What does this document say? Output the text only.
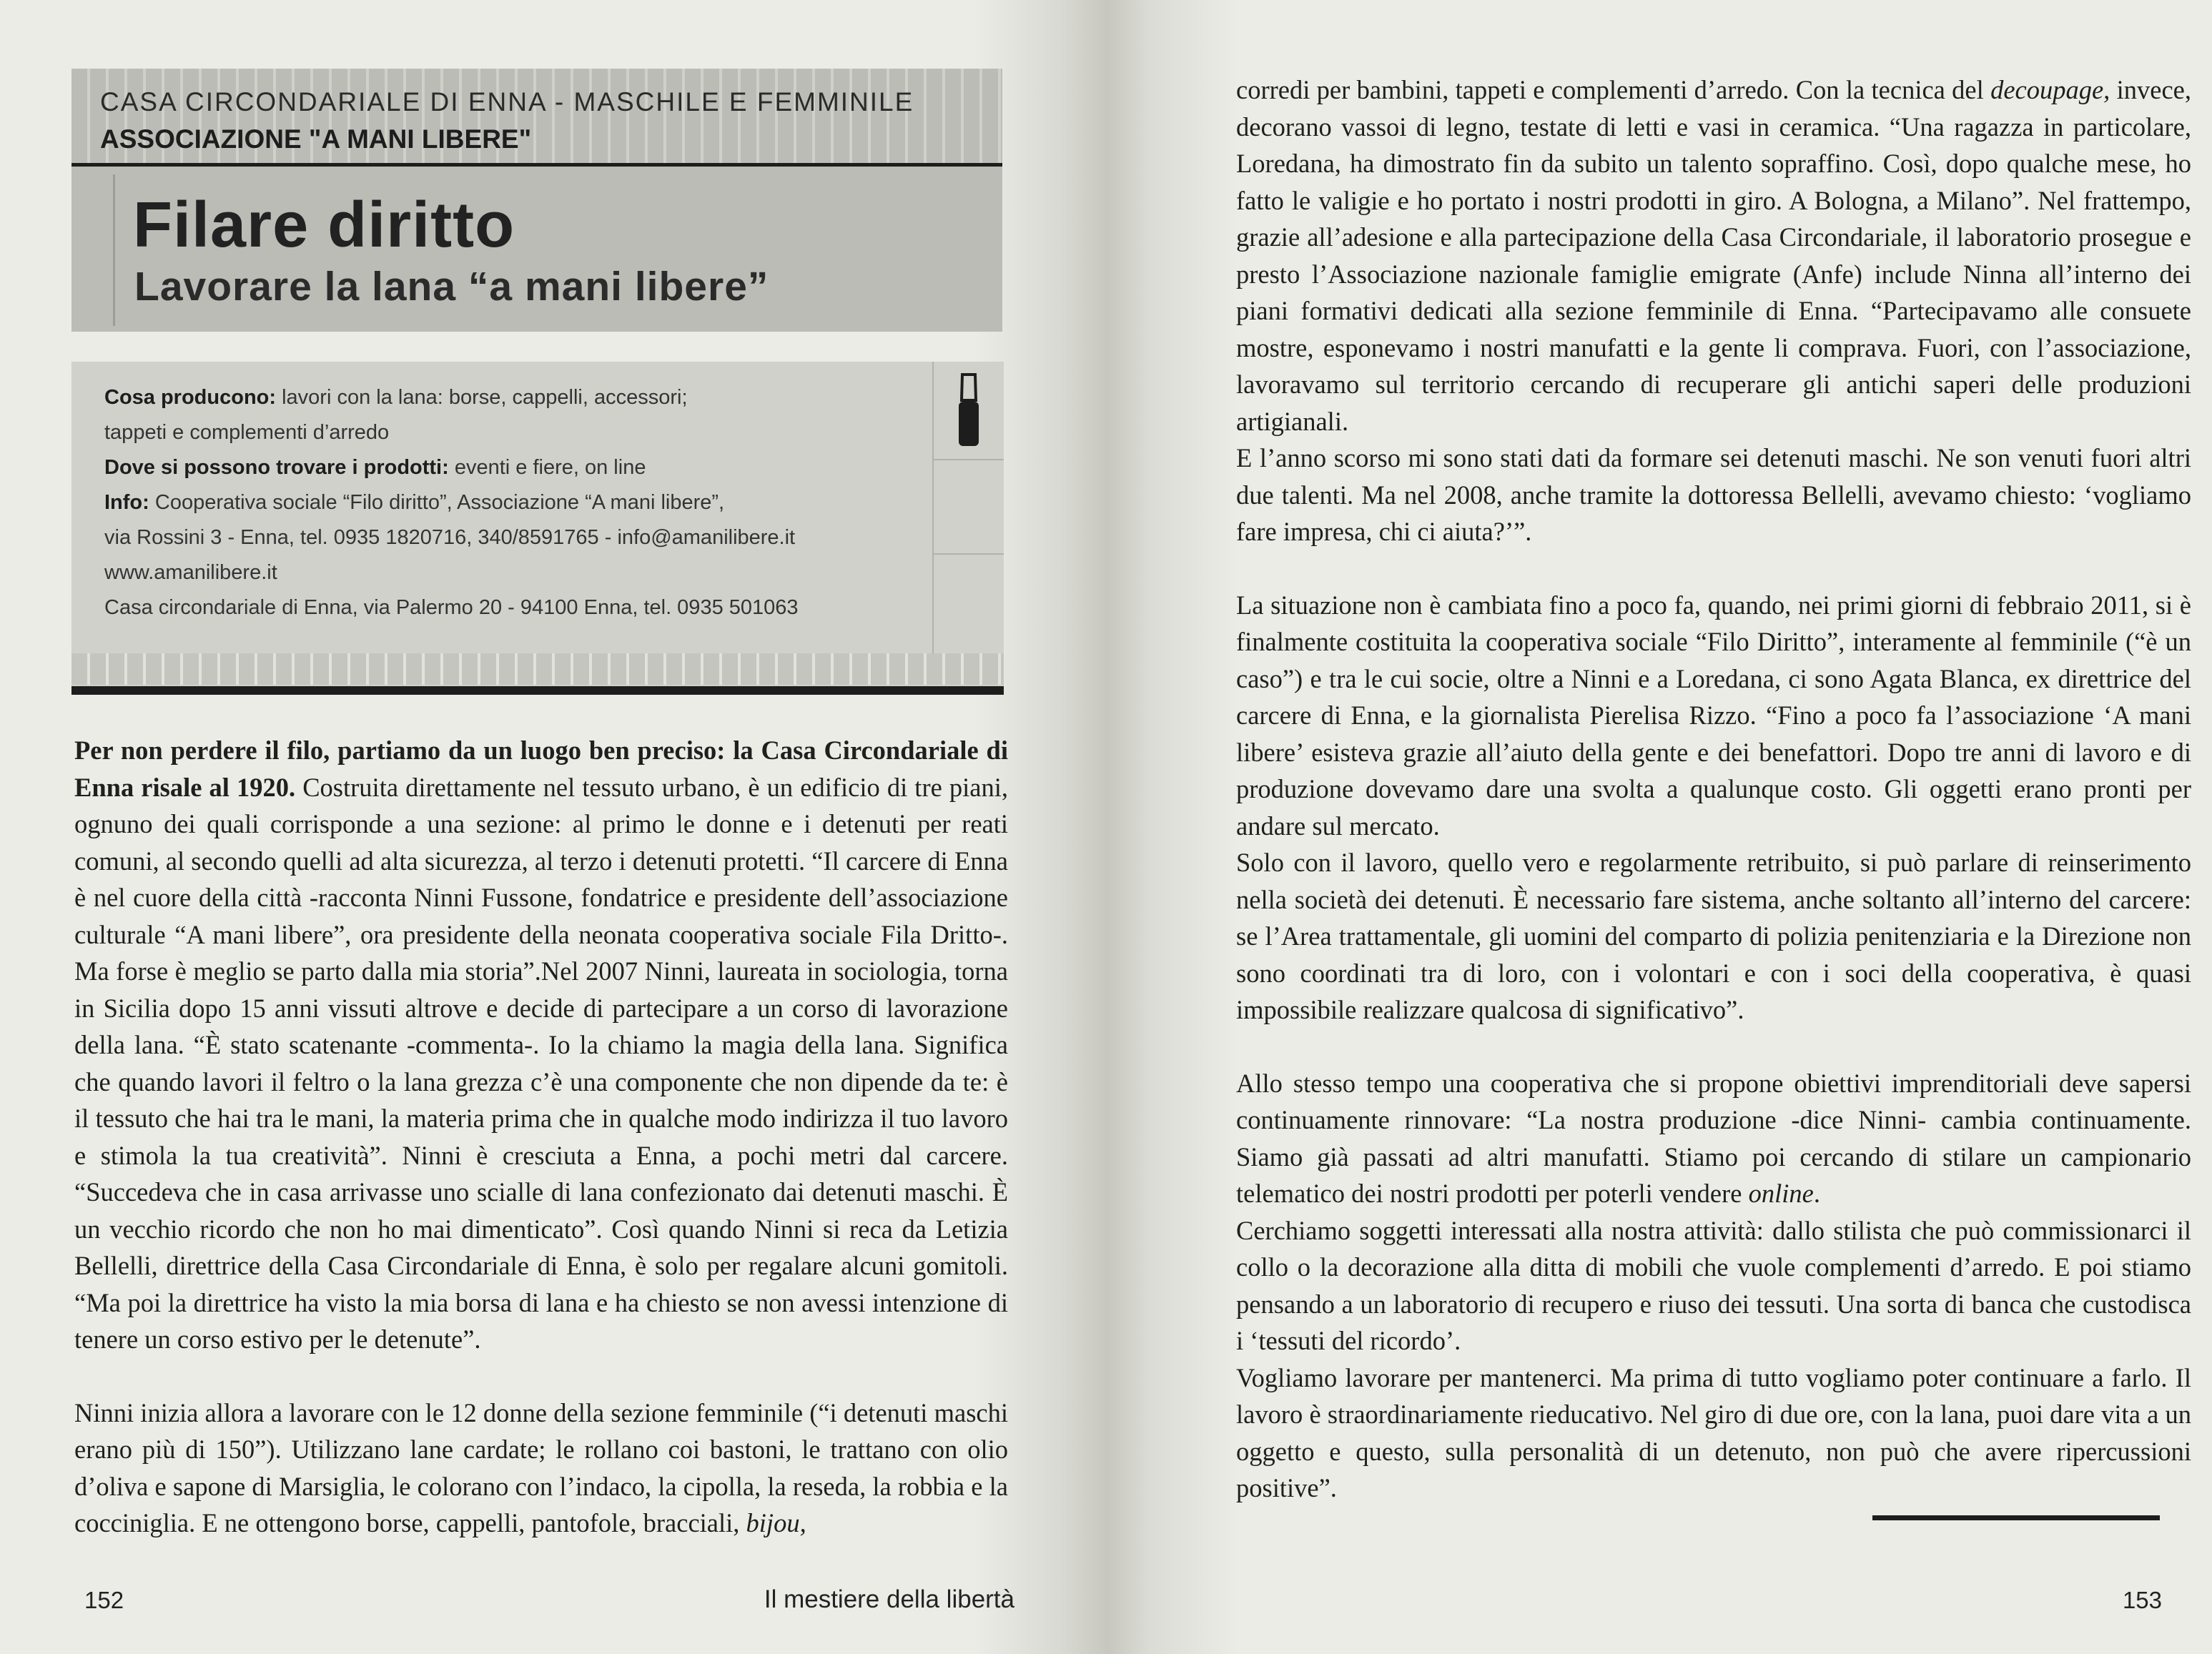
CASA CIRCONDARIALE DI ENNA - MASCHILE E FEMMINILE
ASSOCIAZIONE "A MANI LIBERE"
Filare diritto
Lavorare la lana “a mani libere”
Cosa producono: lavori con la lana: borse, cappelli, accessori;
tappeti e complementi d’arredo
Dove si possono trovare i prodotti: eventi e fiere, on line
Info: Cooperativa sociale “Filo diritto”, Associazione “A mani libere”,
via Rossini 3 - Enna, tel. 0935 1820716, 340/8591765 - info@amanilibere.it
www.amanilibere.it
Casa circondariale di Enna, via Palermo 20 - 94100 Enna, tel. 0935 501063

Per non perdere il filo, partiamo da un luogo ben preciso: la Casa Circondariale di Enna risale al 1920. Costruita direttamente nel tessuto urbano, è un edificio di tre piani, ognuno dei quali corrisponde a una sezione: al primo le donne e i detenuti per reati comuni, al secondo quelli ad alta sicurezza, al terzo i detenuti protetti. “Il carcere di Enna è nel cuore della città -racconta Ninni Fussone, fondatrice e presidente dell’associazione culturale “A mani libere”, ora presidente della neonata cooperativa sociale Fila Dritto-. Ma forse è meglio se parto dalla mia storia”.Nel 2007 Ninni, laureata in sociologia, torna in Sicilia dopo 15 anni vissuti altrove e decide di partecipare a un corso di lavorazione della lana. “È stato scatenante -commenta-. Io la chiamo la magia della lana. Significa che quando lavori il feltro o la lana grezza c’è una componente che non dipende da te: è il tessuto che hai tra le mani, la materia prima che in qualche modo indirizza il tuo lavoro e stimola la tua creatività”. Ninni è cresciuta a Enna, a pochi metri dal carcere. “Succedeva che in casa arrivasse uno scialle di lana confezionato dai detenuti maschi. È un vecchio ricordo che non ho mai dimenticato”. Così quando Ninni si reca da Letizia Bellelli, direttrice della Casa Circondariale di Enna, è solo per regalare alcuni gomitoli. “Ma poi la direttrice ha visto la mia borsa di lana e ha chiesto se non avessi intenzione di tenere un corso estivo per le detenute”.

Ninni inizia allora a lavorare con le 12 donne della sezione femminile (“i detenuti maschi erano più di 150”). Utilizzano lane cardate; le rollano coi bastoni, le trattano con olio d’oliva e sapone di Marsiglia, le colorano con l’indaco, la cipolla, la reseda, la robbia e la cocciniglia. E ne ottengono borse, cappelli, pantofole, bracciali, bijou,

152	Il mestiere della libertà

corredi per bambini, tappeti e complementi d’arredo. Con la tecnica del decoupage, invece, decorano vassoi di legno, testate di letti e vasi in ceramica. “Una ragazza in particolare, Loredana, ha dimostrato fin da subito un talento sopraffino. Così, dopo qualche mese, ho fatto le valigie e ho portato i nostri prodotti in giro. A Bologna, a Milano”. Nel frattempo, grazie all’adesione e alla partecipazione della Casa Circondariale, il laboratorio prosegue e presto l’Associazione nazionale famiglie emigrate (Anfe) include Ninna all’interno dei piani formativi dedicati alla sezione femminile di Enna. “Partecipavamo alle consuete mostre, esponevamo i nostri manufatti e la gente li comprava. Fuori, con l’associazione, lavoravamo sul territorio cercando di recuperare gli antichi saperi delle produzioni artigianali.

E l’anno scorso mi sono stati dati da formare sei detenuti maschi. Ne son venuti fuori altri due talenti. Ma nel 2008, anche tramite la dottoressa Bellelli, avevamo chiesto: ‘vogliamo fare impresa, chi ci aiuta?’”.

La situazione non è cambiata fino a poco fa, quando, nei primi giorni di febbraio 2011, si è finalmente costituita la cooperativa sociale “Filo Diritto”, interamente al femminile (“è un caso”) e tra le cui socie, oltre a Ninni e a Loredana, ci sono Agata Blanca, ex direttrice del carcere di Enna, e la giornalista Pierelisa Rizzo. “Fino a poco fa l’associazione ‘A mani libere’ esisteva grazie all’aiuto della gente e dei benefattori. Dopo tre anni di lavoro e di produzione dovevamo dare una svolta a qualunque costo. Gli oggetti erano pronti per andare sul mercato.

Solo con il lavoro, quello vero e regolarmente retribuito, si può parlare di reinserimento nella società dei detenuti. È necessario fare sistema, anche soltanto all’interno del carcere: se l’Area trattamentale, gli uomini del comparto di polizia penitenziaria e la Direzione non sono coordinati tra di loro, con i volontari e con i soci della cooperativa, è quasi impossibile realizzare qualcosa di significativo”.

Allo stesso tempo una cooperativa che si propone obiettivi imprenditoriali deve sapersi continuamente rinnovare: “La nostra produzione -dice Ninni- cambia continuamente. Siamo già passati ad altri manufatti. Stiamo poi cercando di stilare un campionario telematico dei nostri prodotti per poterli vendere online.

Cerchiamo soggetti interessati alla nostra attività: dallo stilista che può commissionarci il collo o la decorazione alla ditta di mobili che vuole complementi d’arredo. E poi stiamo pensando a un laboratorio di recupero e riuso dei tessuti. Una sorta di banca che custodisca i ‘tessuti del ricordo’.

Vogliamo lavorare per mantenerci. Ma prima di tutto vogliamo poter continuare a farlo. Il lavoro è straordinariamente rieducativo. Nel giro di due ore, con la lana, puoi dare vita a un oggetto e questo, sulla personalità di un detenuto, non può che avere ripercussioni positive”.

153
